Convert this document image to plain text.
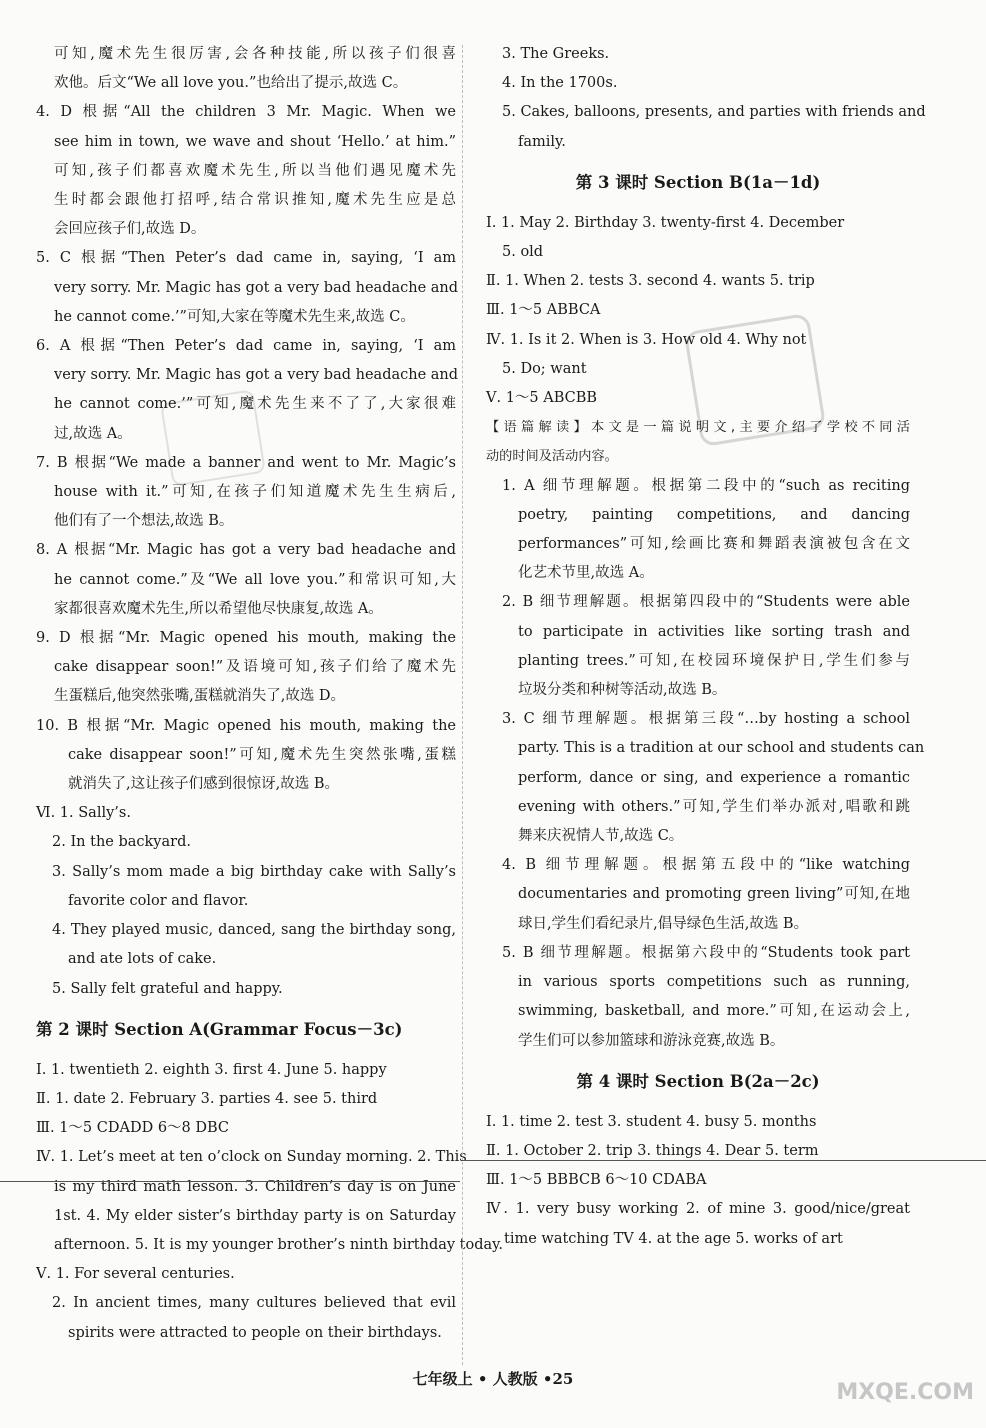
可知,魔术先生很厉害,会各种技能,所以孩子们很喜
欢他。后文“We all love you.”也给出了提示,故选 C。
4. D 根据“All the children 3 Mr. Magic. When we
see him in town, we wave and shout ‘Hello.’ at him.”
可知,孩子们都喜欢魔术先生,所以当他们遇见魔术先
生时都会跟他打招呼,结合常识推知,魔术先生应是总
会回应孩子们,故选 D。
5. C 根据“Then Peter’s dad came in, saying, ‘I am
very sorry. Mr. Magic has got a very bad headache and
he cannot come.’”可知,大家在等魔术先生来,故选 C。
6. A 根据“Then Peter’s dad came in, saying, ‘I am
very sorry. Mr. Magic has got a very bad headache and
he cannot come.’”可知,魔术先生来不了了,大家很难
过,故选 A。
7. B 根据“We made a banner and went to Mr. Magic’s
house with it.”可知,在孩子们知道魔术先生生病后,
他们有了一个想法,故选 B。
8. A 根据“Mr. Magic has got a very bad headache and
he cannot come.”及“We all love you.”和常识可知,大
家都很喜欢魔术先生,所以希望他尽快康复,故选 A。
9. D 根据“Mr. Magic opened his mouth, making the
cake disappear soon!”及语境可知,孩子们给了魔术先
生蛋糕后,他突然张嘴,蛋糕就消失了,故选 D。
10. B 根据“Mr. Magic opened his mouth, making the
cake disappear soon!”可知,魔术先生突然张嘴,蛋糕
就消失了,这让孩子们感到很惊讶,故选 B。
Ⅵ. 1. Sally’s.
2. In the backyard.
3. Sally’s mom made a big birthday cake with Sally’s
favorite color and flavor.
4. They played music, danced, sang the birthday song,
and ate lots of cake.
5. Sally felt grateful and happy.
第 2 课时 Section A(Grammar Focus－3c)
Ⅰ. 1. twentieth 2. eighth 3. first 4. June 5. happy
Ⅱ. 1. date 2. February 3. parties 4. see 5. third
Ⅲ. 1～5 CDADD 6～8 DBC
Ⅳ. 1. Let’s meet at ten o’clock on Sunday morning. 2. This
is my third math lesson. 3. Children’s day is on June
1st. 4. My elder sister’s birthday party is on Saturday
afternoon. 5. It is my younger brother’s ninth birthday today.
Ⅴ. 1. For several centuries.
2. In ancient times, many cultures believed that evil
spirits were attracted to people on their birthdays.
3. The Greeks.
4. In the 1700s.
5. Cakes, balloons, presents, and parties with friends and
family.
第 3 课时 Section B(1a－1d)
Ⅰ. 1. May 2. Birthday 3. twenty-first 4. December
5. old
Ⅱ. 1. When 2. tests 3. second 4. wants 5. trip
Ⅲ. 1～5 ABBCA
Ⅳ. 1. Is it 2. When is 3. How old 4. Why not
5. Do; want
Ⅴ. 1～5 ABCBB
【语篇解读】本文是一篇说明文,主要介绍了学校不同活
动的时间及活动内容。
1. A 细节理解题。根据第二段中的“such as reciting
poetry, painting competitions, and dancing
performances”可知,绘画比赛和舞蹈表演被包含在文
化艺术节里,故选 A。
2. B 细节理解题。根据第四段中的“Students were able
to participate in activities like sorting trash and
planting trees.”可知,在校园环境保护日,学生们参与
垃圾分类和种树等活动,故选 B。
3. C 细节理解题。根据第三段“…by hosting a school
party. This is a tradition at our school and students can
perform, dance or sing, and experience a romantic
evening with others.”可知,学生们举办派对,唱歌和跳
舞来庆祝情人节,故选 C。
4. B 细节理解题。根据第五段中的“like watching
documentaries and promoting green living”可知,在地
球日,学生们看纪录片,倡导绿色生活,故选 B。
5. B 细节理解题。根据第六段中的“Students took part
in various sports competitions such as running,
swimming, basketball, and more.”可知,在运动会上,
学生们可以参加篮球和游泳竞赛,故选 B。
第 4 课时 Section B(2a－2c)
Ⅰ. 1. time 2. test 3. student 4. busy 5. months
Ⅱ. 1. October 2. trip 3. things 4. Dear 5. term
Ⅲ. 1～5 BBBCB 6～10 CDABA
Ⅳ. 1. very busy working 2. of mine 3. good/nice/great
time watching TV 4. at the age 5. works of art
七年级上 • 人教版 •25
MXQE.COM
